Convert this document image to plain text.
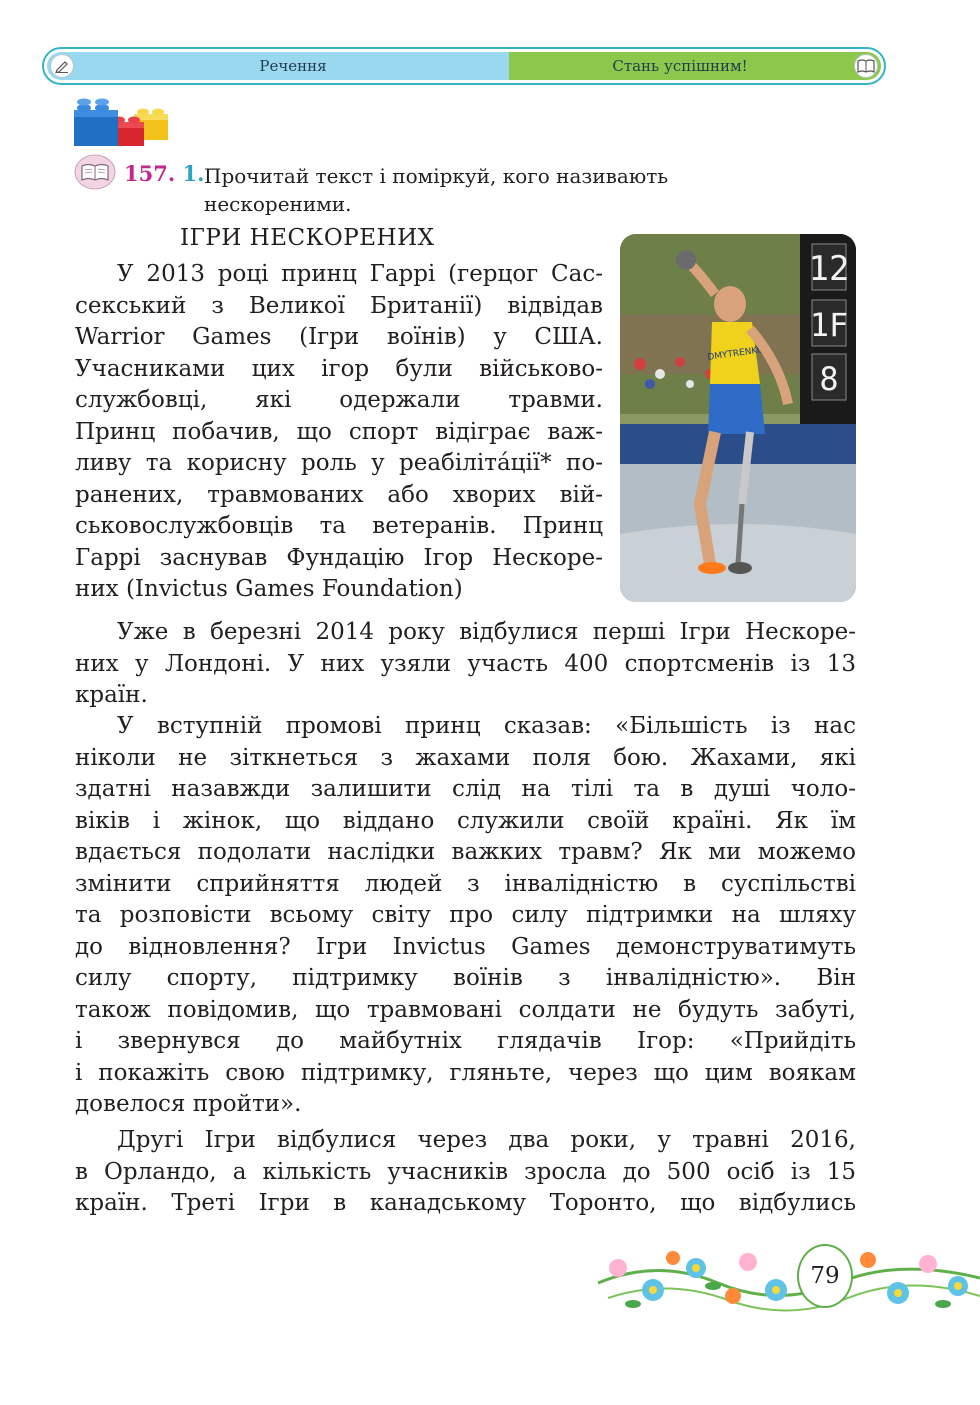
Речення	Стань успішним!
157. 1. Прочитай текст і поміркуй, кого називають
нескореними.
ІГРИ НЕСКОРЕНИХ
У 2013 році принц Гаррі (герцог Сас-
секський з Великої Британії) відвідав
Warrior Games (Ігри воїнів) у США.
Учасниками цих ігор були військово-
службовці, які одержали травми.
Принц побачив, що спорт відіграє важ-
ливу та корисну роль у реабіліта́ції* по-
ранених, травмованих або хворих вій-
ськовослужбовців та ветеранів. Принц
Гаррі заснував Фундацію Ігор Нескоре-
них (Invictus Games Foundation)
12
1F
8
DMYTRENKO
Уже в березні 2014 року відбулися перші Ігри Нескоре-
них у Лондоні. У них узяли участь 400 спортсменів із 13
країн.
У вступній промові принц сказав: «Більшість із нас
ніколи не зіткнеться з жахами поля бою. Жахами, які
здатні назавжди залишити слід на тілі та в душі чоло-
віків і жінок, що віддано служили своїй країні. Як їм
вдається подолати наслідки важких травм? Як ми можемо
змінити сприйняття людей з інвалідністю в суспільстві
та розповісти всьому світу про силу підтримки на шляху
до відновлення? Ігри Invictus Games демонструватимуть
силу спорту, підтримку воїнів з інвалідністю». Він
також повідомив, що травмовані солдати не будуть забуті,
і звернувся до майбутніх глядачів Ігор: «Прийдіть
і покажіть свою підтримку, гляньте, через що цим воякам
довелося пройти».
Другі Ігри відбулися через два роки, у травні 2016,
в Орландо, а кількість учасників зросла до 500 осіб із 15
країн. Треті Ігри в канадському Торонто, що відбулись
79
